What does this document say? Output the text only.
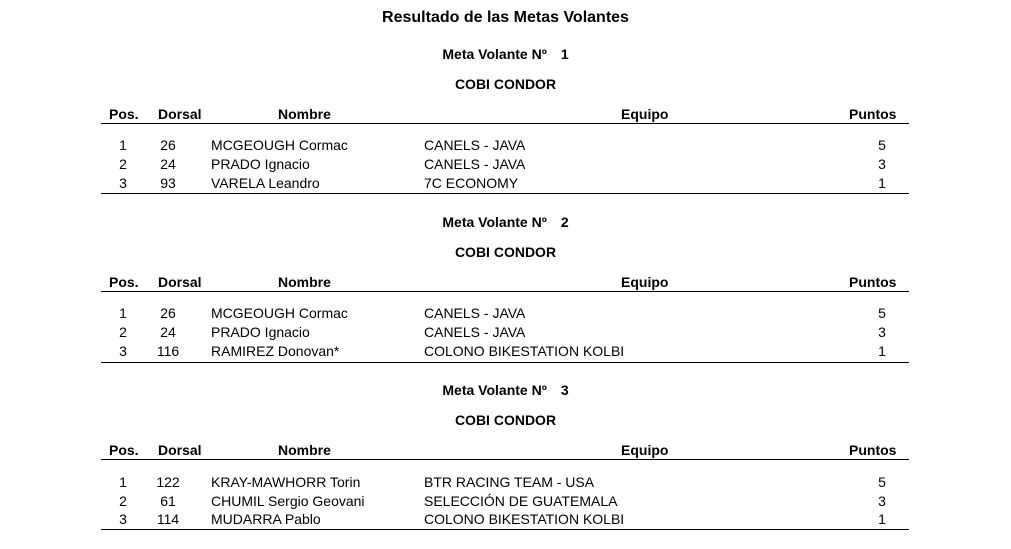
Resultado de las Metas Volantes
Meta Volante Nº 1
COBI CONDOR
Pos. Dorsal	Nombre	Equipo	Puntos
1	26	MCGEOUGH Cormac	CANELS - JAVA	5
2	24	PRADO Ignacio	CANELS - JAVA	3
3	93	VARELA Leandro	7C ECONOMY	1
Meta Volante Nº 2
COBI CONDOR
Pos. Dorsal	Nombre	Equipo	Puntos
1	26	MCGEOUGH Cormac	CANELS - JAVA	5
2	24	PRADO Ignacio	CANELS - JAVA	3
3	116	RAMIREZ Donovan*	COLONO BIKESTATION KOLBI	1
Meta Volante Nº 3
COBI CONDOR
Pos. Dorsal	Nombre	Equipo	Puntos
1	122	KRAY-MAWHORR Torin	BTR RACING TEAM - USA	5
2	61	CHUMIL Sergio Geovani	SELECCIÓN DE GUATEMALA	3
3	114	MUDARRA Pablo	COLONO BIKESTATION KOLBI	1
